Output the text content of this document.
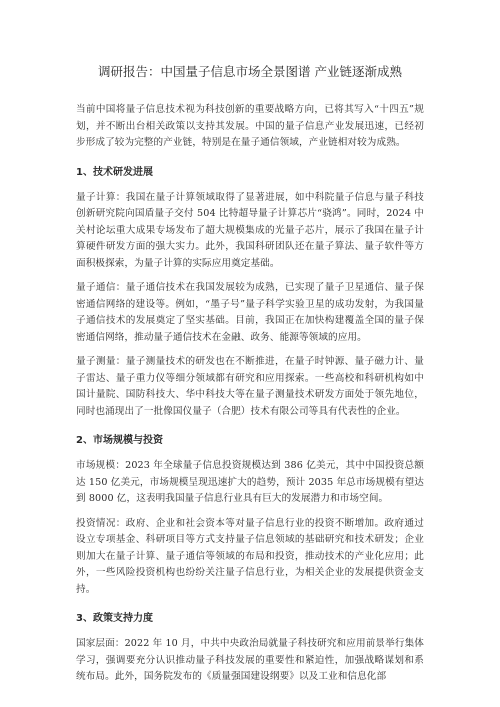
调研报告：中国量子信息市场全景图谱 产业链逐渐成熟

当前中国将量子信息技术视为科技创新的重要战略方向，已将其写入“十四五”规划，并不断出台相关政策以支持其发展。中国的量子信息产业发展迅速，已经初步形成了较为完整的产业链，特别是在量子通信领域，产业链相对较为成熟。

1、技术研发进展

量子计算：我国在量子计算领域取得了显著进展，如中科院量子信息与量子科技创新研究院向国盾量子交付 504 比特超导量子计算芯片“骁鸿”。同时，2024 中关村论坛重大成果专场发布了超大规模集成的光量子芯片，展示了我国在量子计算硬件研发方面的强大实力。此外，我国科研团队还在量子算法、量子软件等方面积极探索，为量子计算的实际应用奠定基础。

量子通信：量子通信技术在我国发展较为成熟，已实现了量子卫星通信、量子保密通信网络的建设等。例如，“墨子号”量子科学实验卫星的成功发射，为我国量子通信技术的发展奠定了坚实基础。目前，我国正在加快构建覆盖全国的量子保密通信网络，推动量子通信技术在金融、政务、能源等领域的应用。

量子测量：量子测量技术的研发也在不断推进，在量子时钟源、量子磁力计、量子雷达、量子重力仪等细分领域都有研究和应用探索。一些高校和科研机构如中国计量院、国防科技大、华中科技大等在量子测量技术研发方面处于领先地位，同时也涌现出了一批像国仪量子（合肥）技术有限公司等具有代表性的企业。

2、市场规模与投资

市场规模：2023 年全球量子信息投资规模达到 386 亿美元，其中中国投资总额达 150 亿美元，市场规模呈现迅速扩大的趋势，预计 2035 年总市场规模有望达到 8000 亿，这表明我国量子信息行业具有巨大的发展潜力和市场空间。

投资情况：政府、企业和社会资本等对量子信息行业的投资不断增加。政府通过设立专项基金、科研项目等方式支持量子信息领域的基础研究和技术研发；企业则加大在量子计算、量子通信等领域的布局和投资，推动技术的产业化应用；此外，一些风险投资机构也纷纷关注量子信息行业，为相关企业的发展提供资金支持。

3、政策支持力度

国家层面：2022 年 10 月，中共中央政治局就量子科技研究和应用前景举行集体学习，强调要充分认识推动量子科技发展的重要性和紧迫性，加强战略谋划和系统布局。此外，国务院发布的《质量强国建设纲要》以及工业和信息化部
